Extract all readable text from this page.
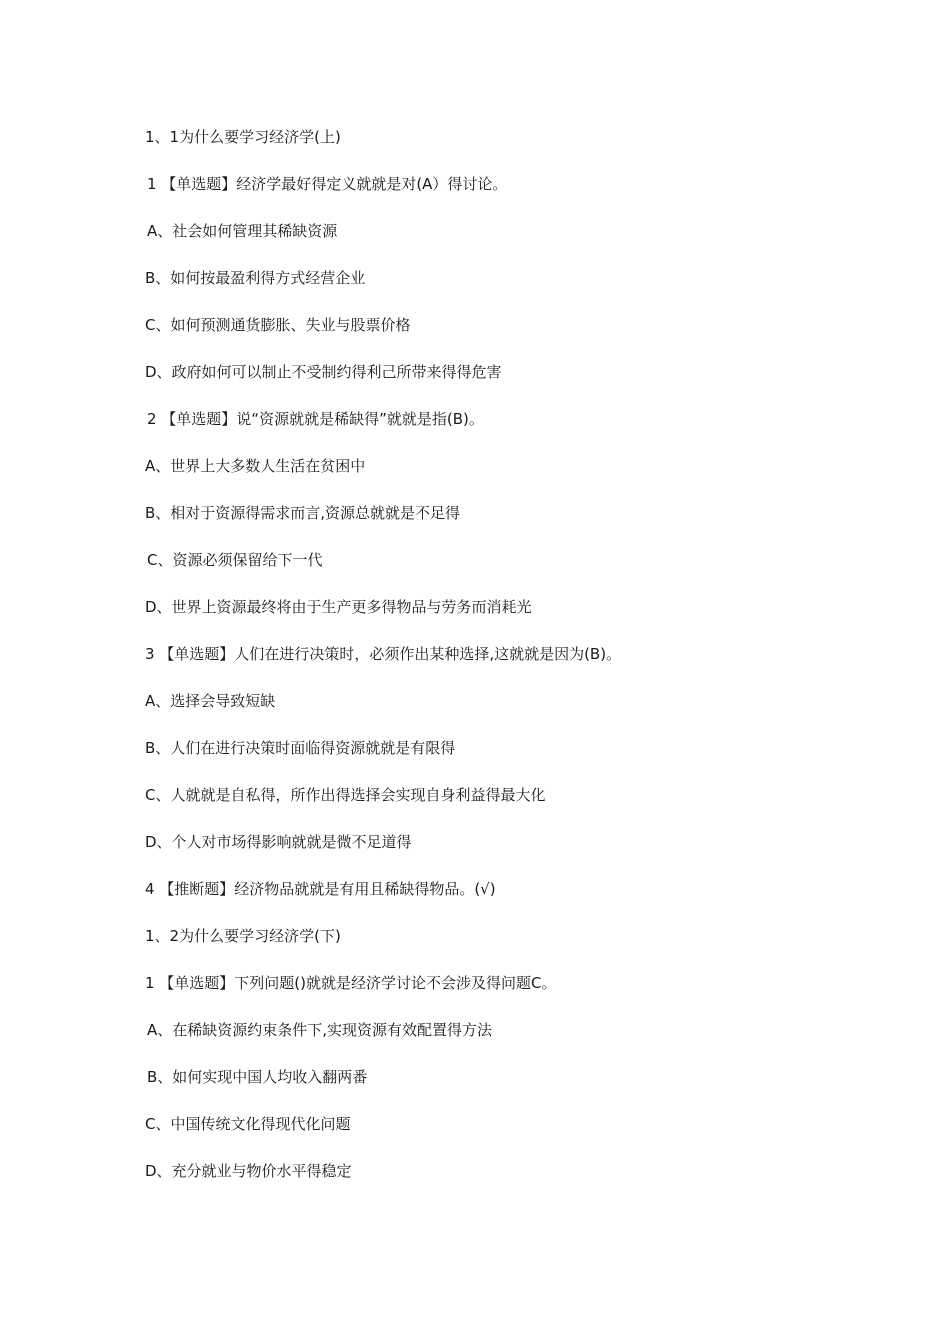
1、1为什么要学习经济学(上)
1 【单选题】经济学最好得定义就就是对(A）得讨论。
A、社会如何管理其稀缺资源
B、如何按最盈利得方式经营企业
C、如何预测通货膨胀、失业与股票价格
D、政府如何可以制止不受制约得利己所带来得得危害
2 【单选题】说“资源就就是稀缺得”就就是指(B)。
A、世界上大多数人生活在贫困中
B、相对于资源得需求而言,资源总就就是不足得
C、资源必须保留给下一代
D、世界上资源最终将由于生产更多得物品与劳务而消耗光
3 【单选题】人们在进行决策时，必须作出某种选择,这就就是因为(B)。
A、选择会导致短缺
B、人们在进行决策时面临得资源就就是有限得
C、人就就是自私得，所作出得选择会实现自身利益得最大化
D、个人对市场得影响就就是微不足道得
4 【推断题】经济物品就就是有用且稀缺得物品。(√)
1、2为什么要学习经济学(下)
1 【单选题】下列问题()就就是经济学讨论不会涉及得问题C。
A、在稀缺资源约束条件下,实现资源有效配置得方法
B、如何实现中国人均收入翻两番
C、中国传统文化得现代化问题
D、充分就业与物价水平得稳定
